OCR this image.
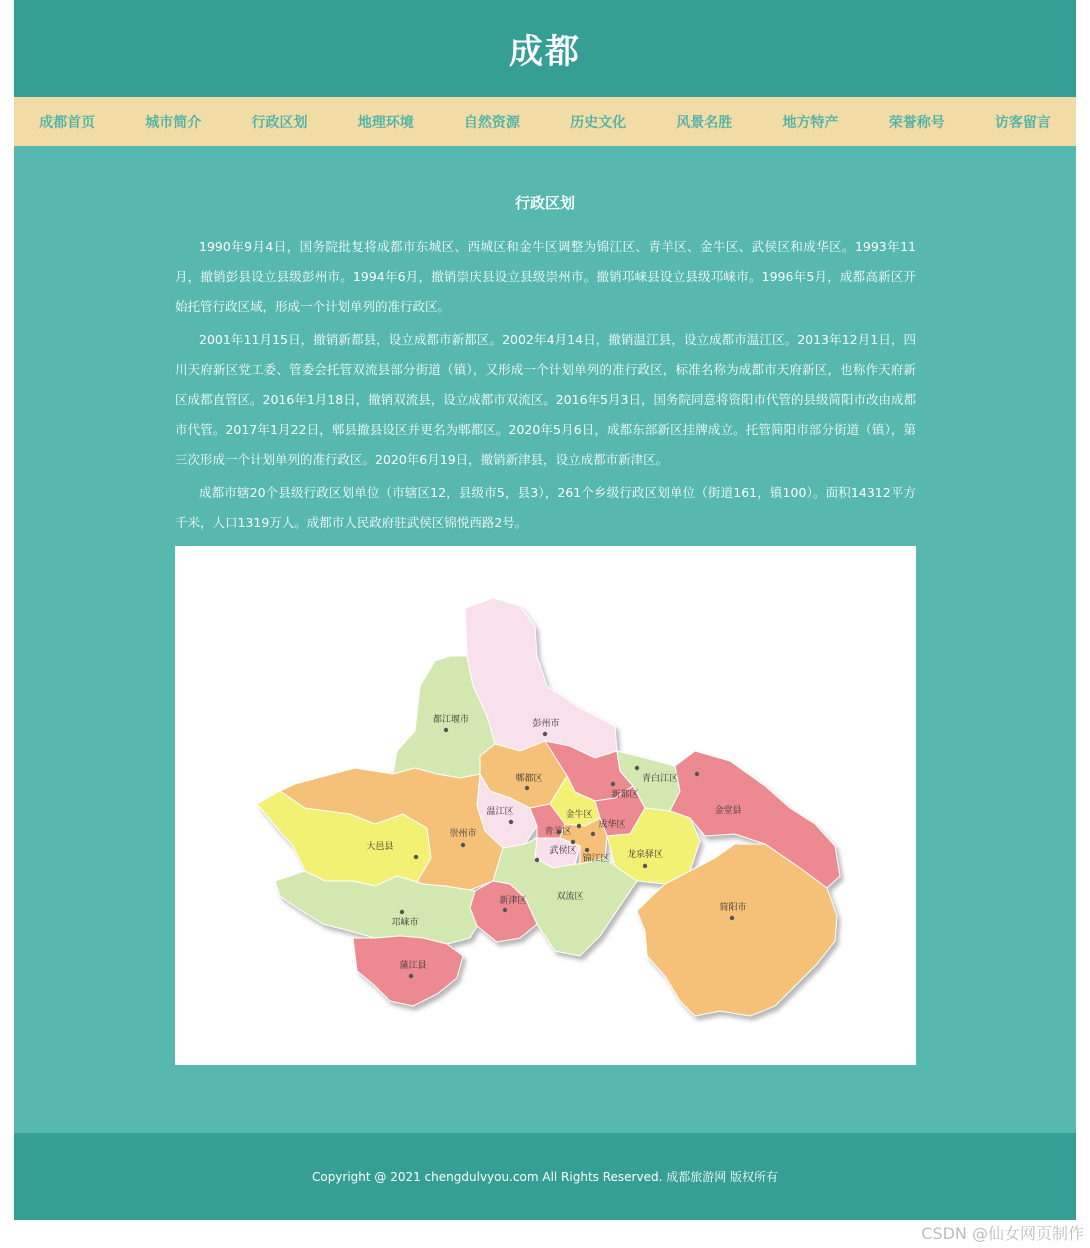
成都
成都首页	城市简介	行政区划	地理环境	自然资源	历史文化	风景名胜	地方特产	荣誉称号	访客留言
行政区划

1990年9月4日，国务院批复将成都市东城区、西城区和金牛区调整为锦江区、青羊区、金牛区、武侯区和成华区。1993年11月，撤销彭县设立县级彭州市。1994年6月，撤销崇庆县设立县级崇州市。撤销邛崃县设立县级邛崃市。1996年5月，成都高新区开始托管行政区域，形成一个计划单列的准行政区。

2001年11月15日，撤销新都县，设立成都市新都区。2002年4月14日，撤销温江县，设立成都市温江区。2013年12月1日，四川天府新区党工委、管委会托管双流县部分街道（镇），又形成一个计划单列的准行政区，标准名称为成都市天府新区，也称作天府新区成都直管区。2016年1月18日，撤销双流县，设立成都市双流区。2016年5月3日，国务院同意将资阳市代管的县级简阳市改由成都市代管。2017年1月22日，郫县撤县设区并更名为郫都区。2020年5月6日，成都东部新区挂牌成立。托管简阳市部分街道（镇），第三次形成一个计划单列的准行政区。2020年6月19日，撤销新津县，设立成都市新津区。

成都市辖20个县级行政区划单位（市辖区12，县级市5，县3），261个乡级行政区划单位（街道161，镇100）。面积14312平方千米，人口1319万人。成都市人民政府驻武侯区锦悦西路2号。

都江堰市	彭州市
郫都区
新都区
青白江区
金堂县
温江区	金牛区
成华区
青羊区
武侯区
锦江区 龙泉驿区
大邑县
崇州市
双流区
新津区
邛崃市
蒲江县
简阳市
Copyright @ 2021 chengdulvyou.com All Rights Reserved. 成都旅游网 版权所有
CSDN @仙女网页制作
